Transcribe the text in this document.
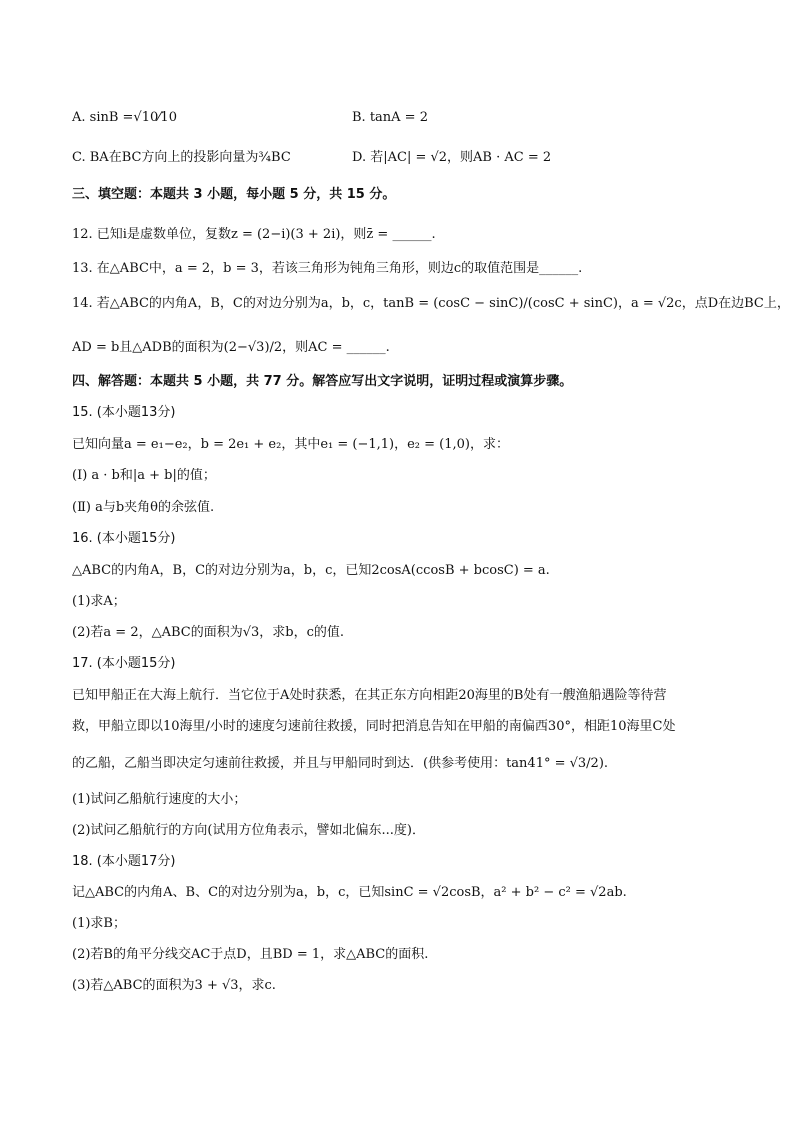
A. sinB =√10⁄10	B. tanA = 2
C. BA在BC方向上的投影向量为¾BC	D. 若|AC| = √2，则AB · AC = 2
三、填空题：本题共 3 小题，每小题 5 分，共 15 分。
12. 已知i是虚数单位，复数z = (2−i)(3 + 2i)，则z̄ = ______.
13. 在△ABC中，a = 2，b = 3，若该三角形为钝角三角形，则边c的取值范围是______.
14. 若△ABC的内角A，B，C的对边分别为a，b，c，tanB = (cosC − sinC)/(cosC + sinC)，a = √2c，点D在边BC上，
AD = b且△ADB的面积为(2−√3)/2，则AC = ______.
四、解答题：本题共 5 小题，共 77 分。解答应写出文字说明，证明过程或演算步骤。
15. (本小题13分)
已知向量a = e₁−e₂，b = 2e₁ + e₂，其中e₁ = (−1,1)，e₂ = (1,0)，求：
(Ⅰ) a · b和|a + b|的值；
(Ⅱ) a与b夹角θ的余弦值.
16. (本小题15分)
△ABC的内角A，B，C的对边分别为a，b，c，已知2cosA(ccosB + bcosC) = a.
(1)求A；
(2)若a = 2，△ABC的面积为√3，求b，c的值.
17. (本小题15分)
已知甲船正在大海上航行．当它位于A处时获悉，在其正东方向相距20海里的B处有一艘渔船遇险等待营
救，甲船立即以10海里/小时的速度匀速前往救援，同时把消息告知在甲船的南偏西30°，相距10海里C处
的乙船，乙船当即决定匀速前往救援，并且与甲船同时到达．(供参考使用：tan41° = √3/2).
(1)试问乙船航行速度的大小；
(2)试问乙船航行的方向(试用方位角表示，譬如北偏东...度)．
18. (本小题17分)
记△ABC的内角A、B、C的对边分别为a，b，c，已知sinC = √2cosB，a² + b² − c² = √2ab.
(1)求B；
(2)若B的角平分线交AC于点D，且BD = 1，求△ABC的面积.
(3)若△ABC的面积为3 + √3，求c.
